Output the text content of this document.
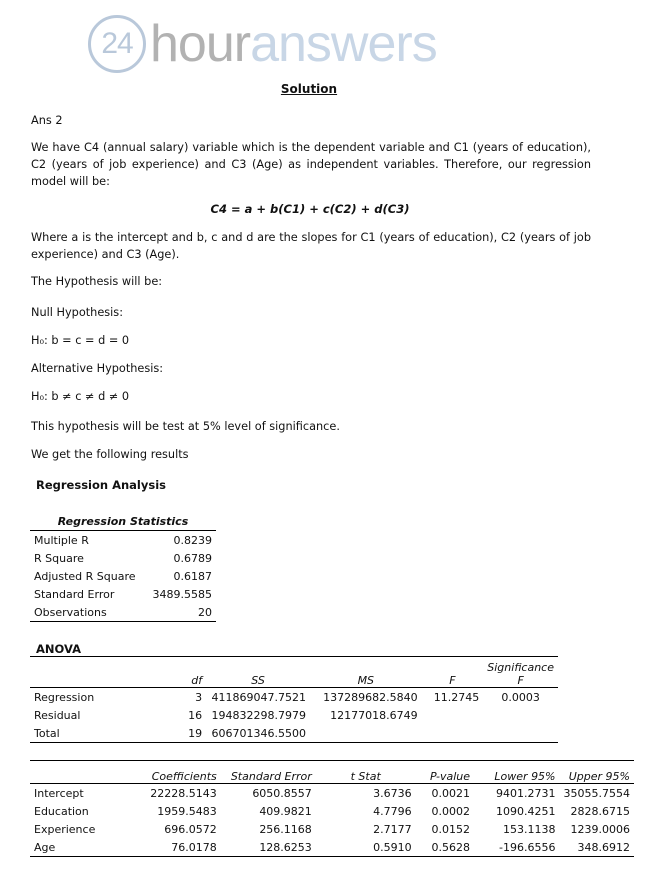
24 hour answers
Solution

Ans 2

We have C4 (annual salary) variable which is the dependent variable and C1 (years of education), C2 (years of job experience) and C3 (Age) as independent variables. Therefore, our regression model will be:

C4 = a + b(C1) + c(C2) + d(C3)

Where a is the intercept and b, c and d are the slopes for C1 (years of education), C2 (years of job experience) and C3 (Age).

The Hypothesis will be:

Null Hypothesis:

H₀: b = c = d = 0

Alternative Hypothesis:

H₀: b ≠ c ≠ d ≠ 0

This hypothesis will be test at 5% level of significance.

We get the following results

Regression Analysis
Regression Statistics	
Multiple R	0.8239
R Square	0.6789
Adjusted R Square	0.6187
Standard Error	3489.5585
Observations	20
ANOVA
	df	SS	MS	F	Significance
F

Regression	3	411869047.7521	137289682.5840	11.2745	0.0003
Residual	16	194832298.7979	12177018.6749		
Total	19	606701346.5500			
	Coefficients	Standard Error	t Stat	P-value	Lower 95%	Upper 95%
Intercept	22228.5143	6050.8557	3.6736	0.0021	9401.2731	35055.7554
Education	1959.5483	409.9821	4.7796	0.0002	1090.4251	2828.6715
Experience	696.0572	256.1168	2.7177	0.0152	153.1138	1239.0006
Age	76.0178	128.6253	0.5910	0.5628	-196.6556	348.6912
